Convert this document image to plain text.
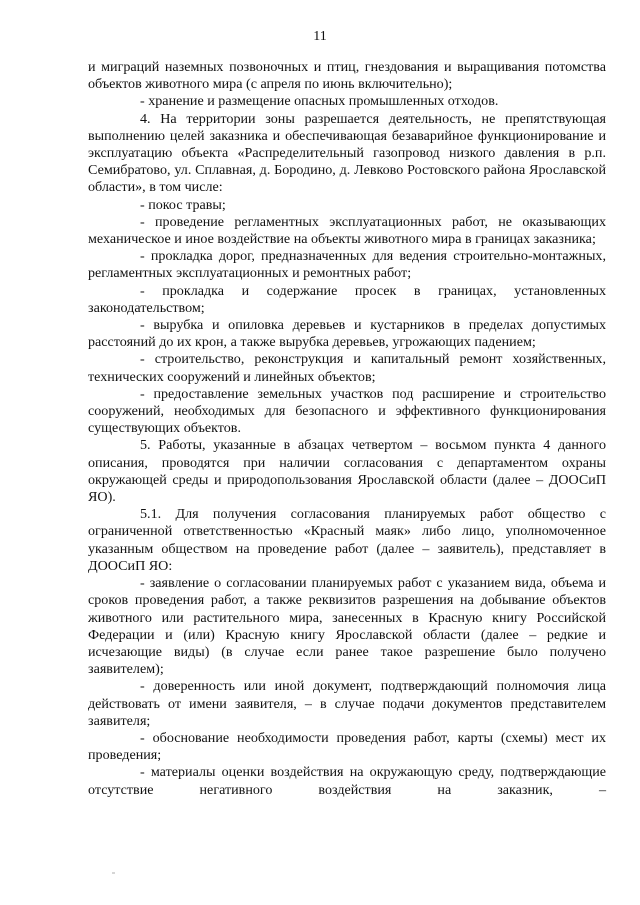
11

и миграций наземных позвоночных и птиц, гнездования и выращивания потомства объектов животного мира (с апреля по июнь включительно);

- хранение и размещение опасных промышленных отходов.

4. На территории зоны разрешается деятельность, не препятствующая выполнению целей заказника и обеспечивающая безаварийное функционирование и эксплуатацию объекта «Распределительный газопровод низкого давления в р.п. Семибратово, ул. Сплавная, д. Бородино, д. Левково Ростовского района Ярославской области», в том числе:

- покос травы;

- проведение регламентных эксплуатационных работ, не оказывающих механическое и иное воздействие на объекты животного мира в границах заказника;

- прокладка дорог, предназначенных для ведения строительно-монтажных, регламентных эксплуатационных и ремонтных работ;

- прокладка и содержание просек в границах, установленных законодательством;

- вырубка и опиловка деревьев и кустарников в пределах допустимых расстояний до их крон, а также вырубка деревьев, угрожающих падением;

- строительство, реконструкция и капитальный ремонт хозяйственных, технических сооружений и линейных объектов;

- предоставление земельных участков под расширение и строительство сооружений, необходимых для безопасного и эффективного функционирования существующих объектов.

5. Работы, указанные в абзацах четвертом – восьмом пункта 4 данного описания, проводятся при наличии согласования с департаментом охраны окружающей среды и природопользования Ярославской области (далее – ДООСиП ЯО).

5.1. Для получения согласования планируемых работ общество с ограниченной ответственностью «Красный маяк» либо лицо, уполномоченное указанным обществом на проведение работ (далее – заявитель), представляет в ДООСиП ЯО:

- заявление о согласовании планируемых работ с указанием вида, объема и сроков проведения работ, а также реквизитов разрешения на добывание объектов животного или растительного мира, занесенных в Красную книгу Российской Федерации и (или) Красную книгу Ярославской области (далее – редкие и исчезающие виды) (в случае если ранее такое разрешение было получено заявителем);

- доверенность или иной документ, подтверждающий полномочия лица действовать от имени заявителя, – в случае подачи документов представителем заявителя;

- обоснование необходимости проведения работ, карты (схемы) мест их проведения;

- материалы оценки воздействия на окружающую среду, подтверждающие отсутствие негативного воздействия на заказник, –
